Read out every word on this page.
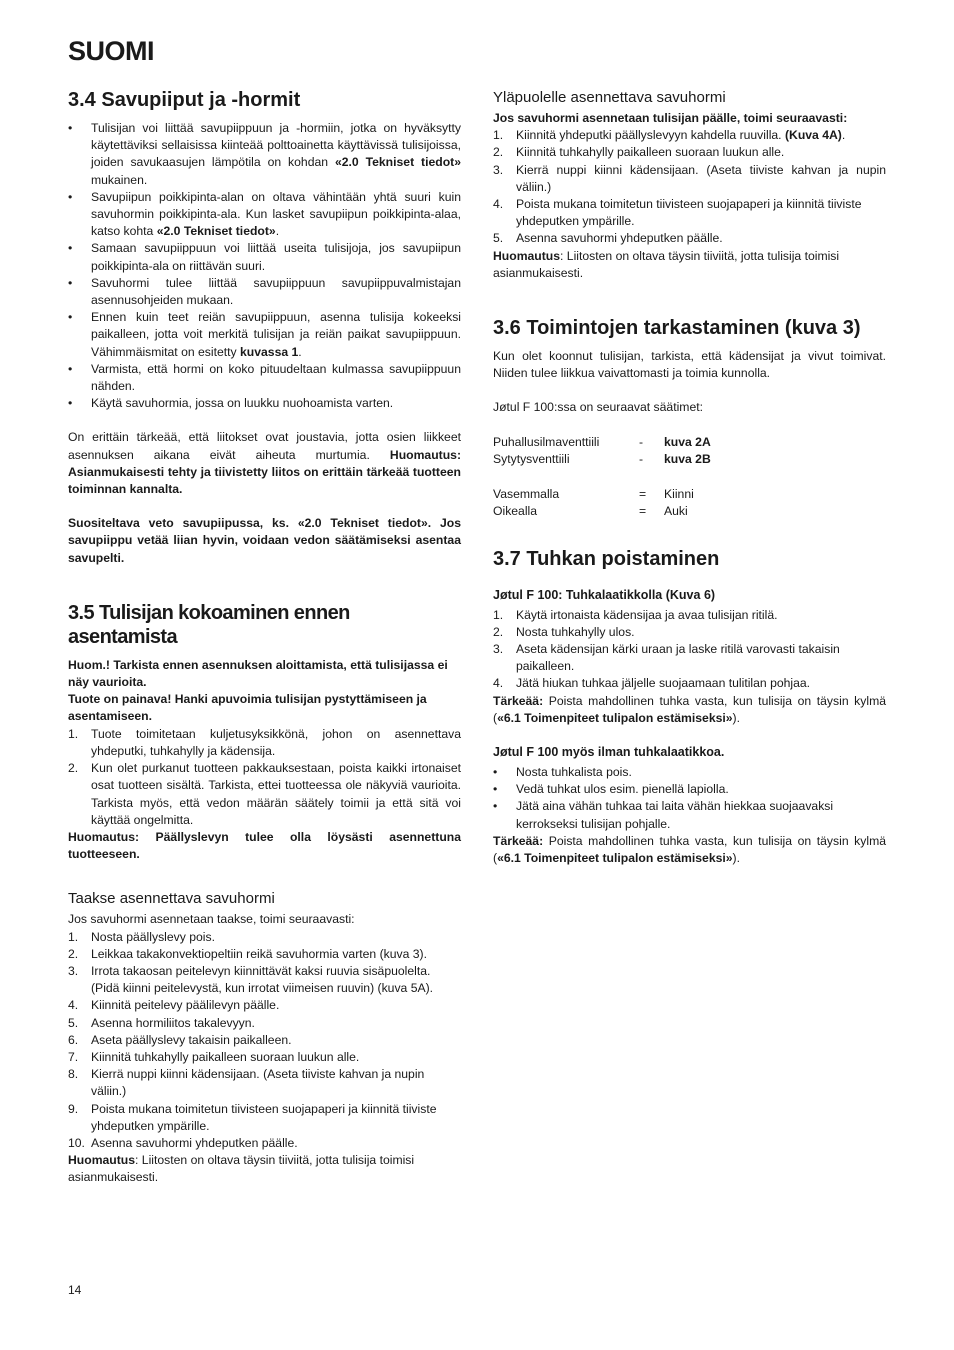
SUOMI
3.4 Savupiiput ja -hormit
• Tulisijan voi liittää savupiippuun ja -hormiin, jotka on hyväksytty käytettäviksi sellaisissa kiinteää polttoainetta käyttävissä tulisijoissa, joiden savukaasujen lämpötila on kohdan «2.0 Tekniset tiedot» mukainen.
• Savupiipun poikkipinta-alan on oltava vähintään yhtä suuri kuin savuhormin poikkipinta-ala. Kun lasket savupiipun poikkipinta-alaa, katso kohta «2.0 Tekniset tiedot».
• Samaan savupiippuun voi liittää useita tulisijoja, jos savupiipun poikkipinta-ala on riittävän suuri.
• Savuhormi tulee liittää savupiippuun savupiippuvalmistajan asennusohjeiden mukaan.
• Ennen kuin teet reiän savupiippuun, asenna tulisija kokeeksi paikalleen, jotta voit merkitä tulisijan ja reiän paikat savupiippuun. Vähimmäismitat on esitetty kuvassa 1.
• Varmista, että hormi on koko pituudeltaan kulmassa savupiippuun nähden.
• Käytä savuhormia, jossa on luukku nuohoamista varten.

On erittäin tärkeää, että liitokset ovat joustavia, jotta osien liikkeet asennuksen aikana eivät aiheuta murtumia. Huomautus: Asianmukaisesti tehty ja tiivistetty liitos on erittäin tärkeää tuotteen toiminnan kannalta.

Suositeltava veto savupiipussa, ks. «2.0 Tekniset tiedot». Jos savupiippu vetää liian hyvin, voidaan vedon säätämiseksi asentaa savupelti.

3.5 Tulisijan kokoaminen ennen asentamista

Huom.! Tarkista ennen asennuksen aloittamista, että tulisijassa ei näy vaurioita.

Tuote on painava! Hanki apuvoimia tulisijan pystyttämiseen ja asentamiseen.

1. Tuote toimitetaan kuljetusyksikkönä, johon on asennettava yhdeputki, tuhkahylly ja kädensija.
2. Kun olet purkanut tuotteen pakkauksestaan, poista kaikki irtonaiset osat tuotteen sisältä. Tarkista, ettei tuotteessa ole näkyviä vaurioita. Tarkista myös, että vedon määrän säätely toimii ja että sitä voi käyttää ongelmitta.

Huomautus: Päällyslevyn tulee olla löysästi asennettuna tuotteeseen.

Taakse asennettava savuhormi

Jos savuhormi asennetaan taakse, toimi seuraavasti:

1. Nosta päällyslevy pois.
2. Leikkaa takakonvektiopeltiin reikä savuhormia varten (kuva 3).
3. Irrota takaosan peitelevyn kiinnittävät kaksi ruuvia sisäpuolelta. (Pidä kiinni peitelevystä, kun irrotat viimeisen ruuvin) (kuva 5A).
4. Kiinnitä peitelevy päälilevyn päälle.
5. Asenna hormiliitos takalevyyn.
6. Aseta päällyslevy takaisin paikalleen.
7. Kiinnitä tuhkahylly paikalleen suoraan luukun alle.
8. Kierrä nuppi kiinni kädensijaan. (Aseta tiiviste kahvan ja nupin väliin.)
9. Poista mukana toimitetun tiivisteen suojapaperi ja kiinnitä tiiviste yhdeputken ympärille.
10. Asenna savuhormi yhdeputken päälle.

Huomautus: Liitosten on oltava täysin tiiviitä, jotta tulisija toimisi asianmukaisesti.

Yläpuolelle asennettava savuhormi

Jos savuhormi asennetaan tulisijan päälle, toimi seuraavasti:

1. Kiinnitä yhdeputki päällyslevyyn kahdella ruuvilla. (Kuva 4A).
2. Kiinnitä tuhkahylly paikalleen suoraan luukun alle.
3. Kierrä nuppi kiinni kädensijaan. (Aseta tiiviste kahvan ja nupin väliin.)
4. Poista mukana toimitetun tiivisteen suojapaperi ja kiinnitä tiiviste yhdeputken ympärille.
5. Asenna savuhormi yhdeputken päälle.

Huomautus: Liitosten on oltava täysin tiiviitä, jotta tulisija toimisi asianmukaisesti.

3.6 Toimintojen tarkastaminen (kuva 3)

Kun olet koonnut tulisijan, tarkista, että kädensijat ja vivut toimivat. Niiden tulee liikkua vaivattomasti ja toimia kunnolla.

Jøtul F 100:ssa on seuraavat säätimet:

Puhallusilmaventtiili	-	kuva 2A
Sytytysventtiili	-	kuva 2B
Vasemmalla	=	Kiinni
Oikealla	=	Auki
3.7 Tuhkan poistaminen
Jøtul F 100: Tuhkalaatikkolla (Kuva 6)
1. Käytä irtonaista kädensijaa ja avaa tulisijan ritilä.
2. Nosta tuhkahylly ulos.
3. Aseta kädensijan kärki uraan ja laske ritilä varovasti takaisin paikalleen.
4. Jätä hiukan tuhkaa jäljelle suojaamaan tulitilan pohjaa.

Tärkeää: Poista mahdollinen tuhka vasta, kun tulisija on täysin kylmä («6.1 Toimenpiteet tulipalon estämiseksi»).

Jøtul F 100 myös ilman tuhkalaatikkoa.
• Nosta tuhkalista pois.
• Vedä tuhkat ulos esim. pienellä lapiolla.
• Jätä aina vähän tuhkaa tai laita vähän hiekkaa suojaavaksi kerrokseksi tulisijan pohjalle.

Tärkeää: Poista mahdollinen tuhka vasta, kun tulisija on täysin kylmä («6.1 Toimenpiteet tulipalon estämiseksi»).

14
